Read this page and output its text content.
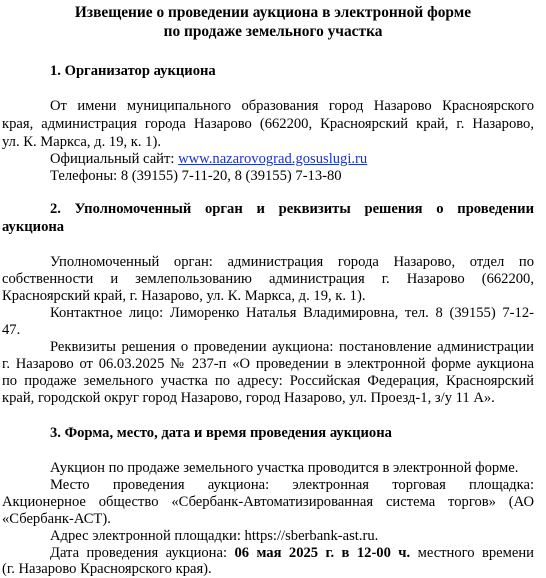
Извещение о проведении аукциона в электронной форме
по продаже земельного участка
1. Организатор аукциона
От имени муниципального образования город Назарово Красноярского
края, администрация города Назарово (662200, Красноярский край, г. Назарово,
ул. К. Маркса, д. 19, к. 1).
Официальный сайт: www.nazarovograd.gosuslugi.ru
Телефоны: 8 (39155) 7-11-20, 8 (39155) 7-13-80
2. Уполномоченный орган и реквизиты решения о проведении
аукциона
Уполномоченный орган: администрация города Назарово, отдел по
собственности и землепользованию администрация г. Назарово (662200,
Красноярский край, г. Назарово, ул. К. Маркса, д. 19, к. 1).
Контактное лицо: Лимоpенко Наталья Владимировна, тел. 8 (39155) 7-12-
47.
Реквизиты решения о проведении аукциона: постановление администрации
г. Назарово от 06.03.2025 № 237-п «О проведении в электронной форме аукциона
по продаже земельного участка по адресу: Российская Федерация, Красноярский
край, городской округ город Назарово, город Назарово, ул. Проезд-1, з/у 11 А».
3. Форма, место, дата и время проведения аукциона
Аукцион по продаже земельного участка проводится в электронной форме.
Место проведения аукциона: электронная торговая площадка:
Акционерное общество «Сбербанк-Автоматизированная система торгов» (АО
«Сбербанк-АСТ).
Адрес электронной площадки: https://sberbank-ast.ru.
Дата проведения аукциона: 06 мая 2025 г. в 12-00 ч. местного времени
(г. Назарово Красноярского края).
